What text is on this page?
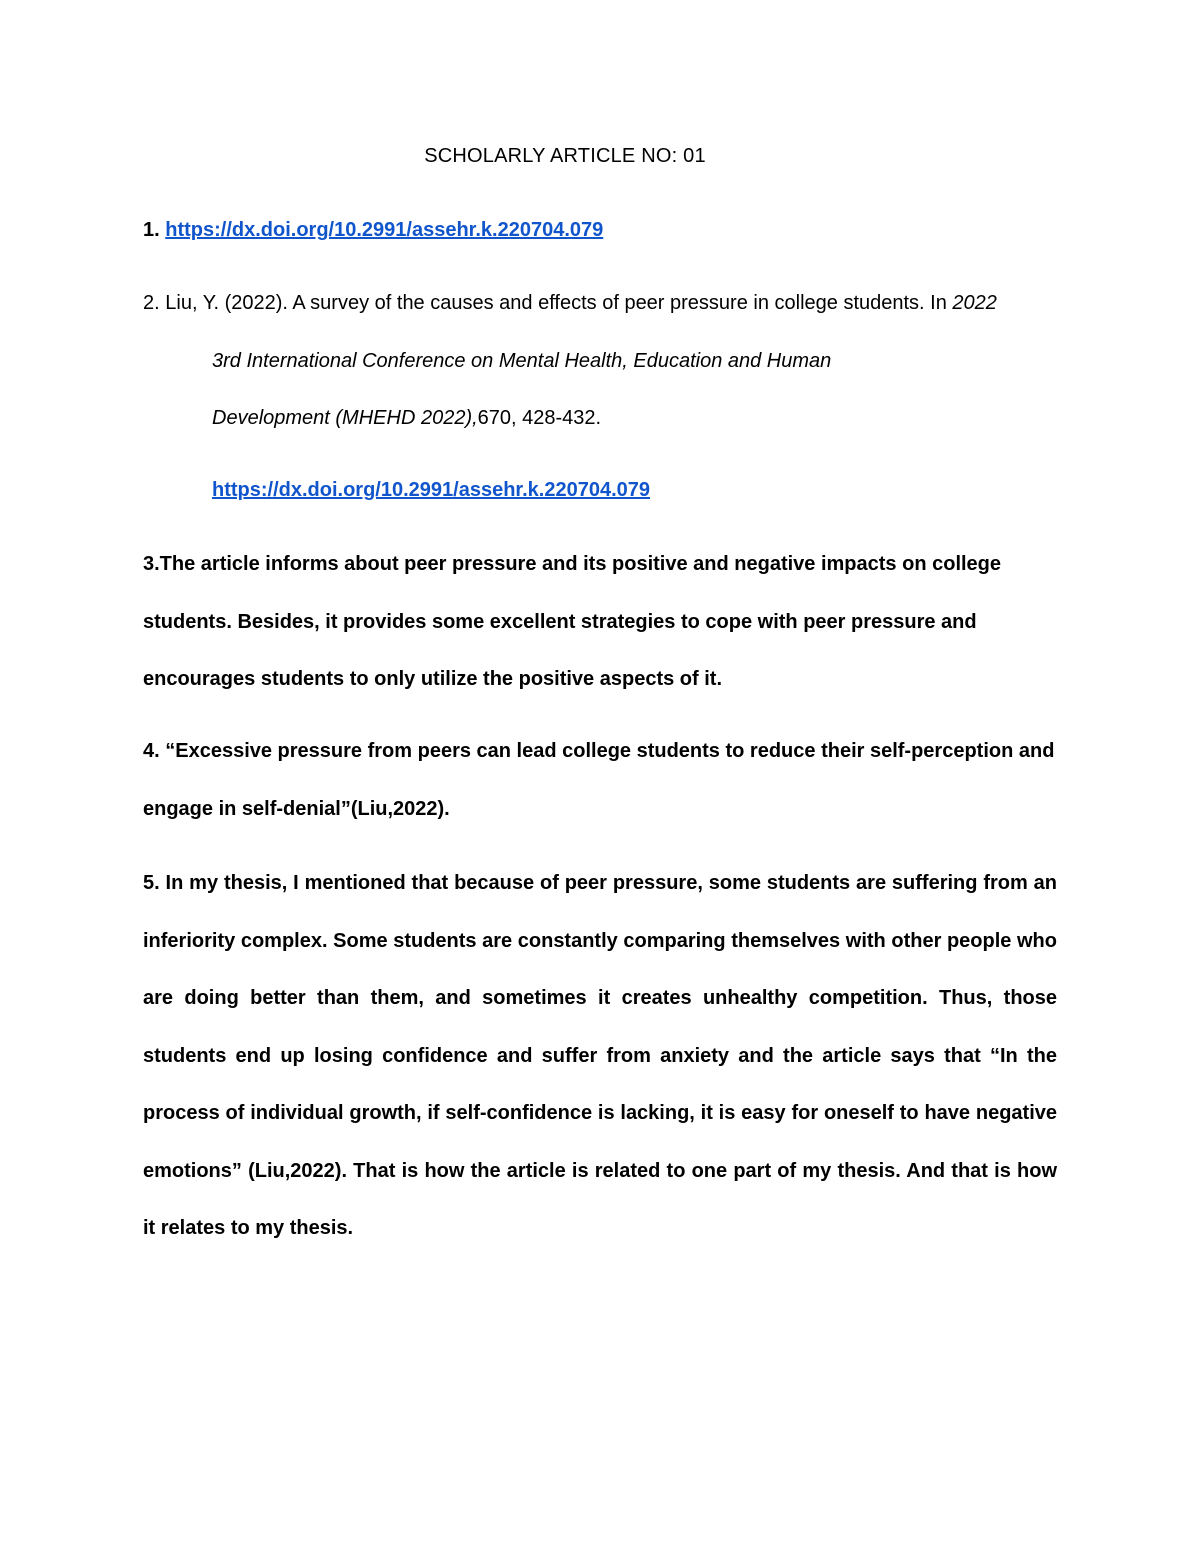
SCHOLARLY ARTICLE NO: 01
1. https://dx.doi.org/10.2991/assehr.k.220704.079
2. Liu, Y. (2022). A survey of the causes and effects of peer pressure in college students. In 2022
3rd International Conference on Mental Health, Education and Human
Development (MHEHD 2022),670, 428-432.
https://dx.doi.org/10.2991/assehr.k.220704.079
3.The article informs about peer pressure and its positive and negative impacts on college
students. Besides, it provides some excellent strategies to cope with peer pressure and
encourages students to only utilize the positive aspects of it.
4. “Excessive pressure from peers can lead college students to reduce their self-perception and
engage in self-denial”(Liu,2022).
5. In my thesis, I mentioned that because of peer pressure, some students are suffering from an
inferiority complex. Some students are constantly comparing themselves with other people who
are doing better than them, and sometimes it creates unhealthy competition. Thus, those
students end up losing confidence and suffer from anxiety and the article says that “In the
process of individual growth, if self-confidence is lacking, it is easy for oneself to have negative
emotions” (Liu,2022). That is how the article is related to one part of my thesis. And that is how
it relates to my thesis.
